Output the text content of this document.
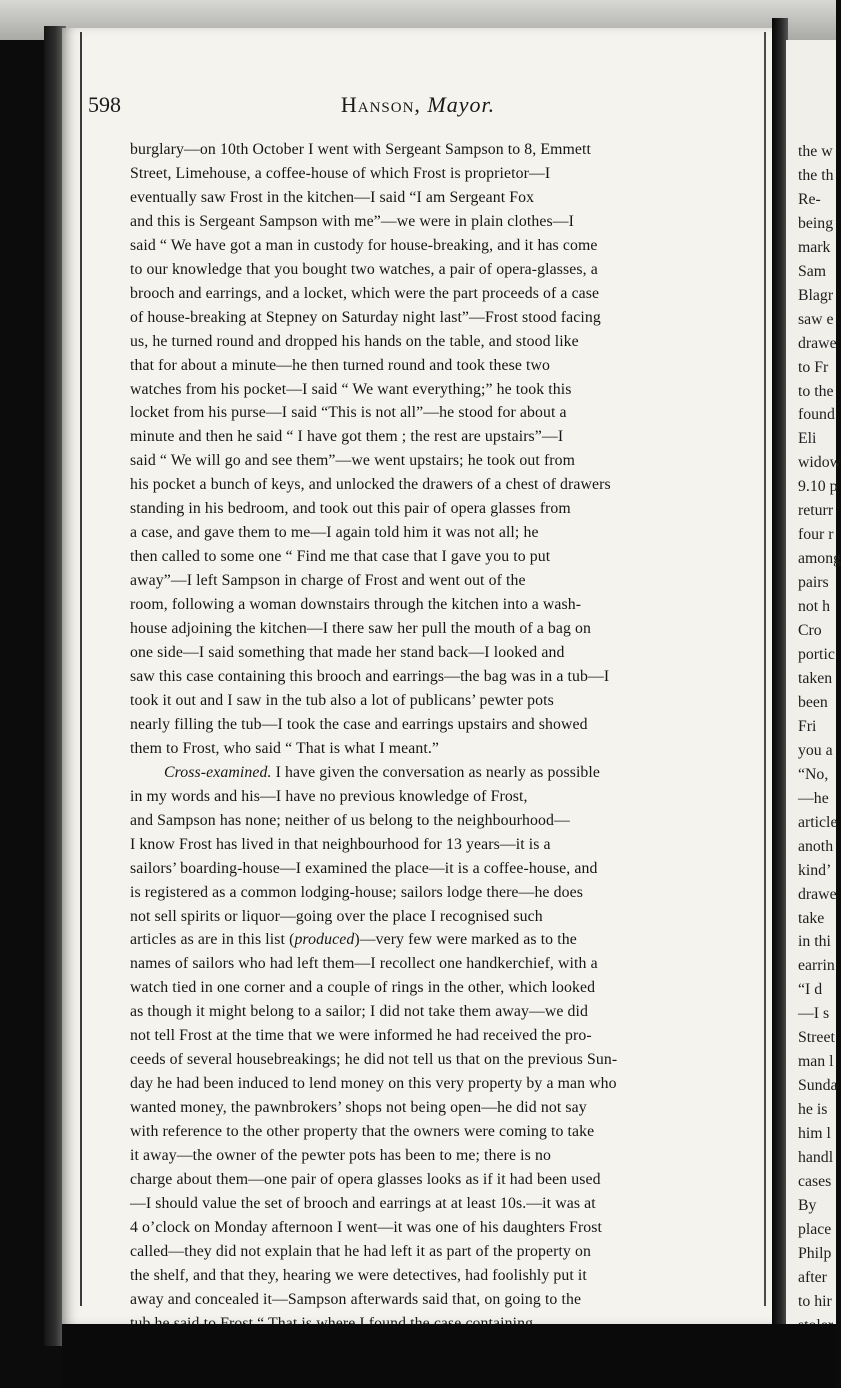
598	Hanson, Mayor.
burglary—on 10th October I went with Sergeant Sampson to 8, Emmett
Street, Limehouse, a coffee-house of which Frost is proprietor—I
eventually saw Frost in the kitchen—I said “I am Sergeant Fox
and this is Sergeant Sampson with me”—we were in plain clothes—I
said “ We have got a man in custody for house-breaking, and it has come
to our knowledge that you bought two watches, a pair of opera-glasses, a
brooch and earrings, and a locket, which were the part proceeds of a case
of house-breaking at Stepney on Saturday night last”—Frost stood facing
us, he turned round and dropped his hands on the table, and stood like
that for about a minute—he then turned round and took these two
watches from his pocket—I said “ We want everything;” he took this
locket from his purse—I said “This is not all”—he stood for about a
minute and then he said “ I have got them ; the rest are upstairs”—I
said “ We will go and see them”—we went upstairs; he took out from
his pocket a bunch of keys, and unlocked the drawers of a chest of drawers
standing in his bedroom, and took out this pair of opera glasses from
a case, and gave them to me—I again told him it was not all; he
then called to some one “ Find me that case that I gave you to put
away”—I left Sampson in charge of Frost and went out of the
room, following a woman downstairs through the kitchen into a wash-
house adjoining the kitchen—I there saw her pull the mouth of a bag on
one side—I said something that made her stand back—I looked and
saw this case containing this brooch and earrings—the bag was in a tub—I
took it out and I saw in the tub also a lot of publicans’ pewter pots
nearly filling the tub—I took the case and earrings upstairs and showed
them to Frost, who said “ That is what I meant.”
Cross-examined. I have given the conversation as nearly as possible
in my words and his—I have no previous knowledge of Frost,
and Sampson has none; neither of us belong to the neighbourhood—
I know Frost has lived in that neighbourhood for 13 years—it is a
sailors’ boarding-house—I examined the place—it is a coffee-house, and
is registered as a common lodging-house; sailors lodge there—he does
not sell spirits or liquor—going over the place I recognised such
articles as are in this list (produced)—very few were marked as to the
names of sailors who had left them—I recollect one handkerchief, with a
watch tied in one corner and a couple of rings in the other, which looked
as though it might belong to a sailor; I did not take them away—we did
not tell Frost at the time that we were informed he had received the pro-
ceeds of several housebreakings; he did not tell us that on the previous Sun-
day he had been induced to lend money on this very property by a man who
wanted money, the pawnbrokers’ shops not being open—he did not say
with reference to the other property that the owners were coming to take
it away—the owner of the pewter pots has been to me; there is no
charge about them—one pair of opera glasses looks as if it had been used
—I should value the set of brooch and earrings at at least 10s.—it was at
4 o’clock on Monday afternoon I went—it was one of his daughters Frost
called—they did not explain that he had left it as part of the property on
the shelf, and that they, hearing we were detectives, had foolishly put it
away and concealed it—Sampson afterwards said that, on going to the
the w
the th
Re-
being
mark
Sam
Blagr
saw e
drawe
to Fr
to the
found
Eli
widow
9.10 p
returr
four r
among
pairs
not h
Cro
portic
taken
been
Fri
you a
“No,
—he
article
anoth
kind’
drawe
take
in thi
earrin
“I d
—I s
Street
man l
Sunda
he is
him l
handl
cases
By
place
Philp
after
to hir
